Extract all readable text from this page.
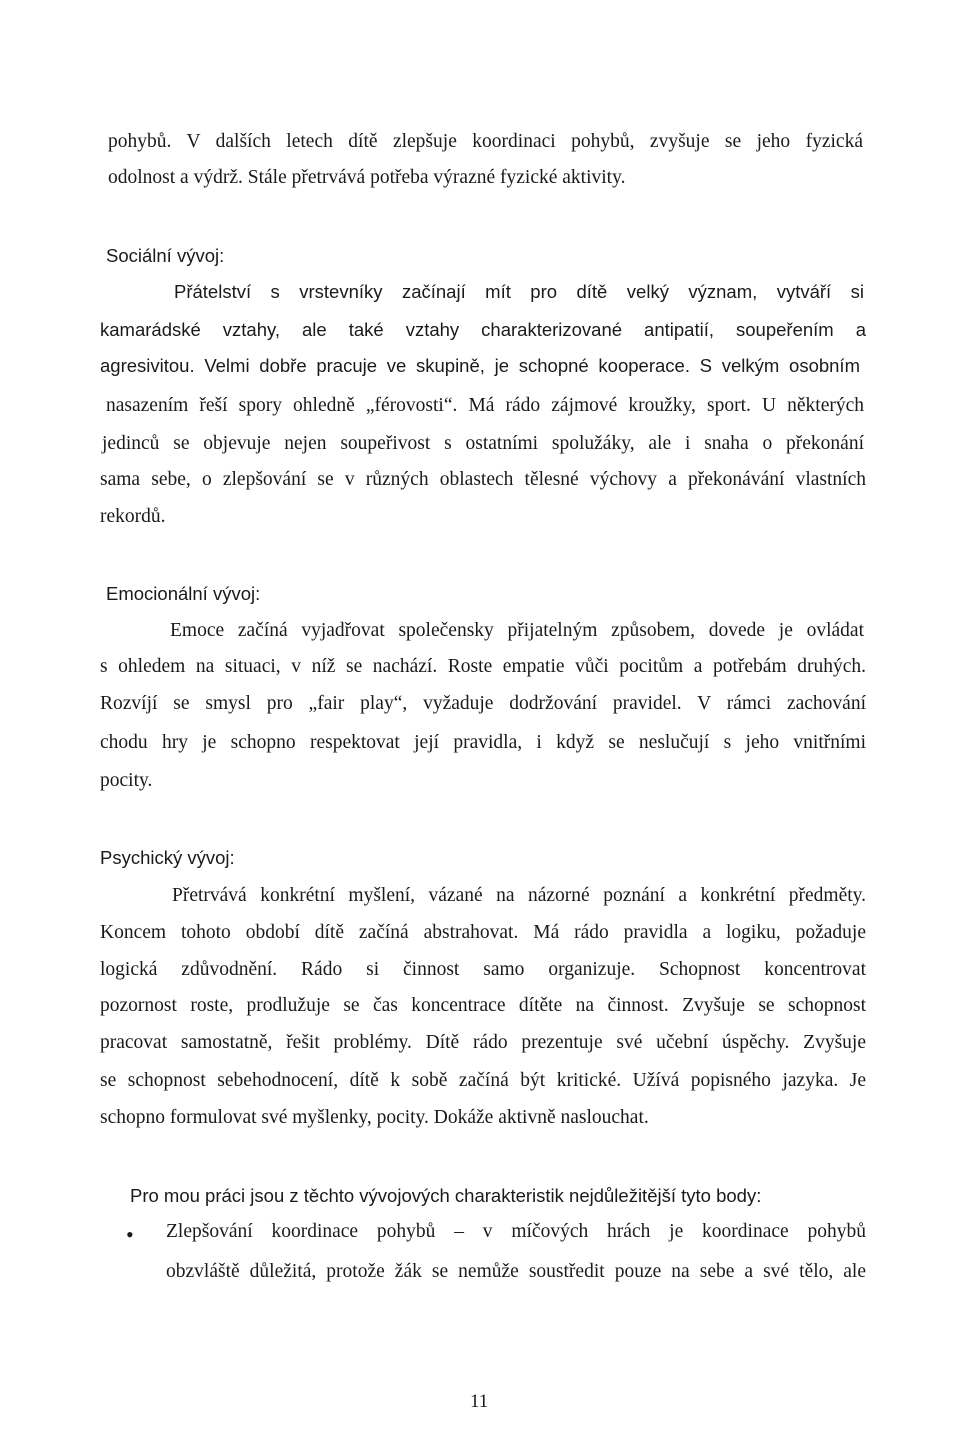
pohybů. V dalších letech dítě zlepšuje koordinaci pohybů, zvyšuje se jeho fyzická
odolnost a výdrž. Stále přetrvává potřeba výrazné fyzické aktivity.
Sociální vývoj:
Přátelství s vrstevníky začínají mít pro dítě velký význam, vytváří si
kamarádské vztahy, ale také vztahy charakterizované antipatií, soupeřením a
agresivitou. Velmi dobře pracuje ve skupině, je schopné kooperace. S velkým osobním
nasazením řeší spory ohledně „férovosti“. Má rádo zájmové kroužky, sport. U některých
jedinců se objevuje nejen soupeřivost s ostatními spolužáky, ale i snaha o překonání
sama sebe, o zlepšování se v různých oblastech tělesné výchovy a překonávání vlastních
rekordů.
Emocionální vývoj:
Emoce začíná vyjadřovat společensky přijatelným způsobem, dovede je ovládat
s ohledem na situaci, v níž se nachází. Roste empatie vůči pocitům a potřebám druhých.
Rozvíjí se smysl pro „fair play“, vyžaduje dodržování pravidel. V rámci zachování
chodu hry je schopno respektovat její pravidla, i když se neslučují s jeho vnitřními
pocity.
Psychický vývoj:
Přetrvává konkrétní myšlení, vázané na názorné poznání a konkrétní předměty.
Koncem tohoto období dítě začíná abstrahovat. Má rádo pravidla a logiku, požaduje
logická zdůvodnění. Rádo si činnost samo organizuje. Schopnost koncentrovat
pozornost roste, prodlužuje se čas koncentrace dítěte na činnost. Zvyšuje se schopnost
pracovat samostatně, řešit problémy. Dítě rádo prezentuje své učební úspěchy. Zvyšuje
se schopnost sebehodnocení, dítě k sobě začíná být kritické. Užívá popisného jazyka. Je
schopno formulovat své myšlenky, pocity. Dokáže aktivně naslouchat.
Pro mou práci jsou z těchto vývojových charakteristik nejdůležitější tyto body:
• Zlepšování koordinace pohybů – v míčových hrách je koordinace pohybů
obzvláště důležitá, protože žák se nemůže soustředit pouze na sebe a své tělo, ale
11
